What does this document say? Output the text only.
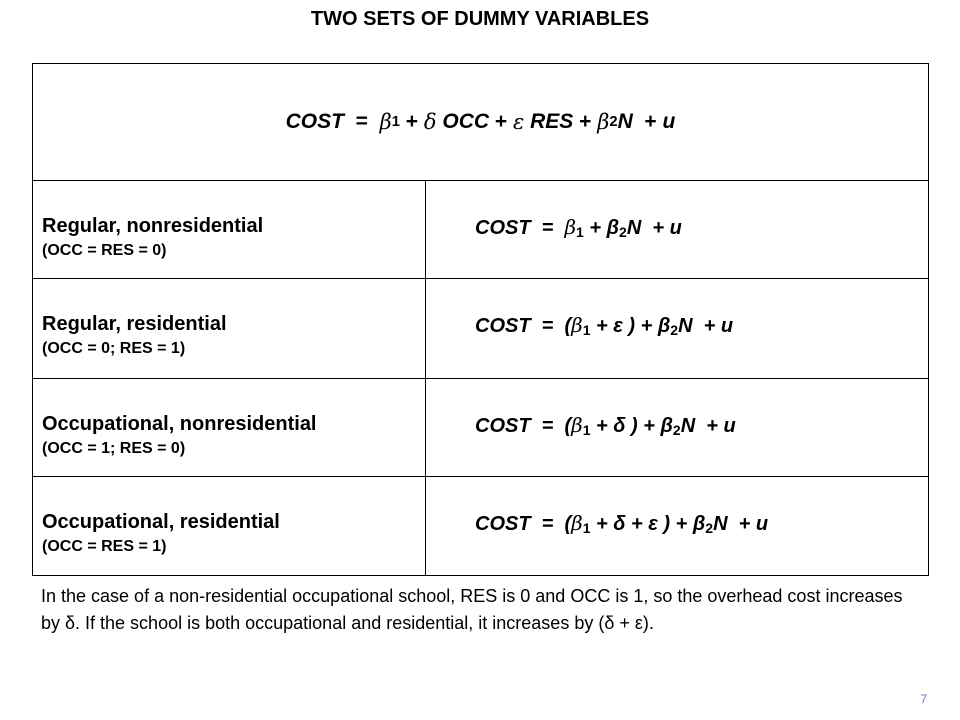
TWO SETS OF DUMMY VARIABLES
COST
=
β 1
+
δ
OCC
+
ε
RES
+
β 2 N
+
u
Regular, nonresidential
(OCC = RES = 0)
COST  =  $\beta_1 + \beta_2N + u$
Regular, residential
(OCC = 0; RES = 1)
COST  =  ($\beta_1 + \varepsilon$ ) + $\beta_2N + u$
Occupational, nonresidential
(OCC = 1; RES = 0)
COST  =  ($\beta_1 + \delta$ ) + $\beta_2N + u$
Occupational, residential
(OCC = RES = 1)
COST  =  ($\beta_1 + \delta + \varepsilon$ ) + $\beta_2N + u$
In the case of a non-residential occupational school, RES is 0 and OCC is 1, so the overhead cost increases by δ. If the school is both occupational and residential, it increases by (δ + ε).
7
